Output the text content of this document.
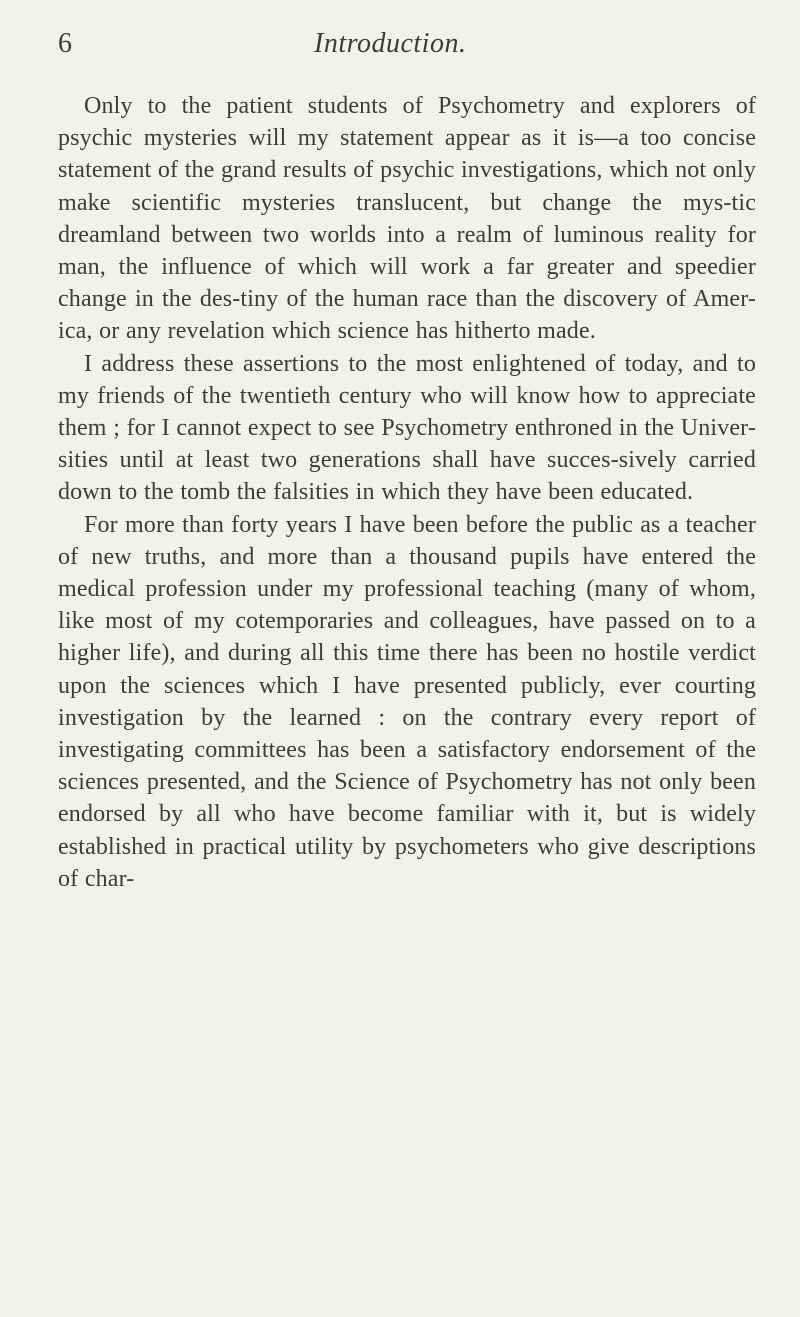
6	Introduction.

Only to the patient students of Psychometry and explorers of psychic mysteries will my statement appear as it is—a too concise statement of the grand results of psychic investigations, which not only make scientific mysteries translucent, but change the mys-tic dreamland between two worlds into a realm of luminous reality for man, the influence of which will work a far greater and speedier change in the des-tiny of the human race than the discovery of Amer-ica, or any revelation which science has hitherto made.

I address these assertions to the most enlightened of today, and to my friends of the twentieth century who will know how to appreciate them ; for I cannot expect to see Psychometry enthroned in the Univer-sities until at least two generations shall have succes-sively carried down to the tomb the falsities in which they have been educated.

For more than forty years I have been before the public as a teacher of new truths, and more than a thousand pupils have entered the medical profession under my professional teaching (many of whom, like most of my cotemporaries and colleagues, have passed on to a higher life), and during all this time there has been no hostile verdict upon the sciences which I have presented publicly, ever courting investigation by the learned : on the contrary every report of investigating committees has been a satisfactory endorsement of the sciences presented, and the Science of Psychometry has not only been endorsed by all who have become familiar with it, but is widely established in practical utility by psychometers who give descriptions of char-
